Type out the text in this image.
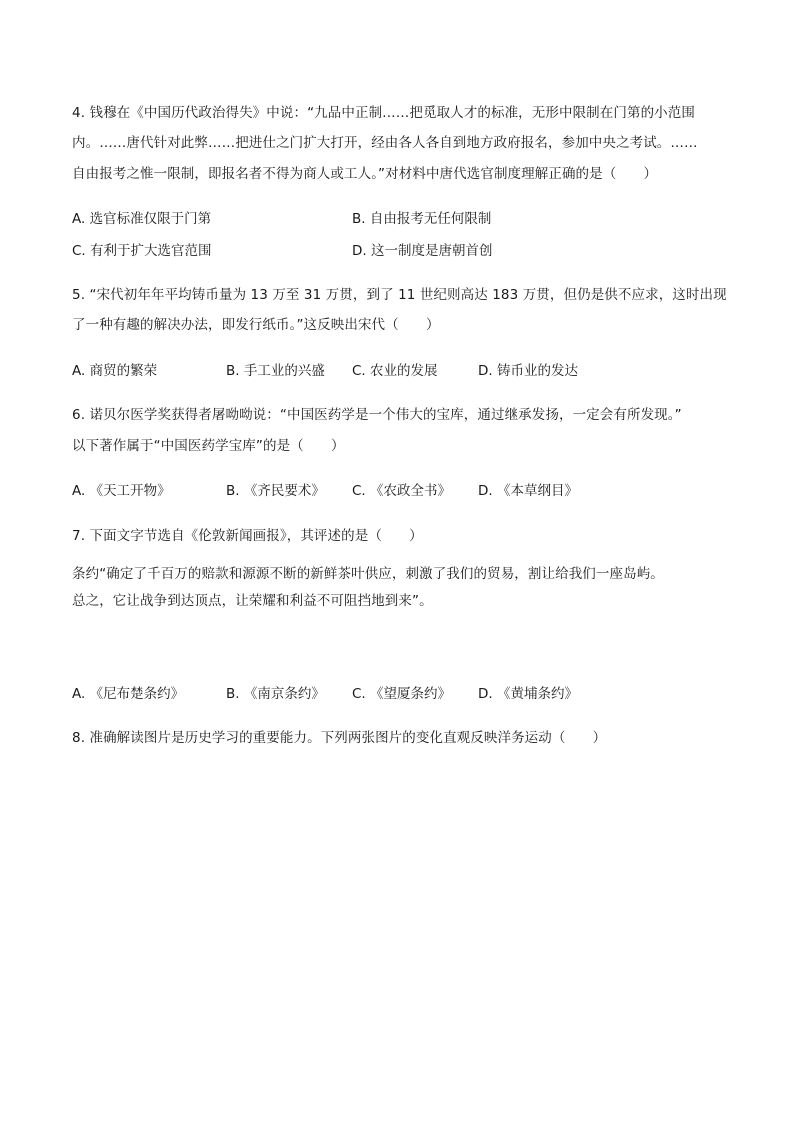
4. 钱穆在《中国历代政治得失》中说：“九品中正制……把觅取人才的标准，无形中限制在门第的小范围
内。……唐代针对此弊……把进仕之门扩大打开，经由各人各自到地方政府报名，参加中央之考试。……
自由报考之惟一限制，即报名者不得为商人或工人。”对材料中唐代选官制度理解正确的是（　　）
A. 选官标准仅限于门第	B. 自由报考无任何限制
C. 有利于扩大选官范围	D. 这一制度是唐朝首创
5. “宋代初年年平均铸币量为 13 万至 31 万贯，到了 11 世纪则高达 183 万贯，但仍是供不应求，这时出现
了一种有趣的解决办法，即发行纸币。”这反映出宋代（　　）
A. 商贸的繁荣	B. 手工业的兴盛 C. 农业的发展	D. 铸币业的发达
6. 诺贝尔医学奖获得者屠呦呦说：“中国医药学是一个伟大的宝库，通过继承发扬，一定会有所发现。”
以下著作属于“中国医药学宝库”的是（　　）
A. 《天工开物》	B. 《齐民要术》 C. 《农政全书》 D. 《本草纲目》
7. 下面文字节选自《伦敦新闻画报》，其评述的是（　　）
条约“确定了千百万的赔款和源源不断的新鲜茶叶供应，刺激了我们的贸易，割让给我们一座岛屿。
总之，它让战争到达顶点，让荣耀和利益不可阻挡地到来”。
A. 《尼布楚条约》	B. 《南京条约》 C. 《望厦条约》 D. 《黄埔条约》
8. 准确解读图片是历史学习的重要能力。下列两张图片的变化直观反映洋务运动（　　）
